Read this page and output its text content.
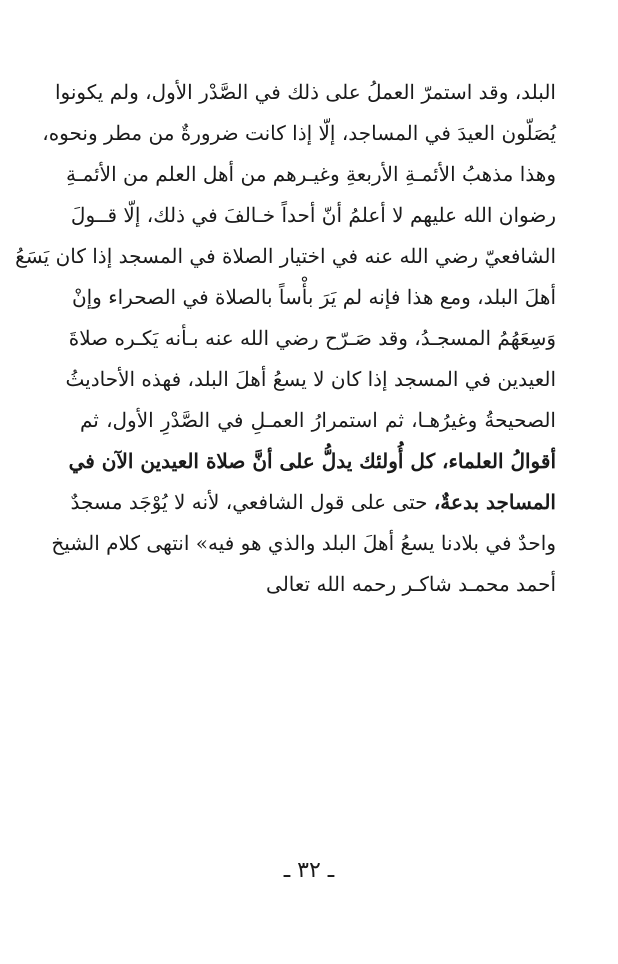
البلد، وقد استمرّ العملُ على ذلك في الصَّدْر الأول، ولم يكونوا
يُصَلّون العيدَ في المساجد، إلّا إذا كانت ضرورةٌ من مطر ونحوه،
وهذا مذهبُ الأئمـةِ الأربعةِ وغيـرهم من أهل العلم من الأئمـةِ
رضوان الله عليهم لا أعلمُ أنّ أحداً خـالفَ في ذلك، إلّا قــولَ
الشافعيّ رضي الله عنه في اختيار الصلاة في المسجد إذا كان يَسَعُ
أهلَ البلد، ومع هذا فإنه لم يَرَ بأْساً بالصلاة في الصحراء وإنْ
وَسِعَهُمُ المسجـدُ، وقد صَـرّح رضي الله عنه بـأنه يَكـره صلاةَ
العيدين في المسجد إذا كان لا يسعُ أهلَ البلد، فهذه الأحاديثُ
الصحيحةُ وغيرُهـا، ثم استمرارُ العمـلِ في الصَّدْرِ الأول، ثم
أقوالُ العلماء، كل أُولئك يدلُّ على أنَّ صلاة العيدين الآن في
المساجد بدعةٌ، حتى على قول الشافعي، لأنه لا يُوْجَد مسجدٌ
واحدٌ في بلادنا يسعُ أهلَ البلد والذي هو فيه» انتهى كلام الشيخ
أحمد محمـد شاكـر رحمه الله تعالى
ـ ٣٢ ـ
